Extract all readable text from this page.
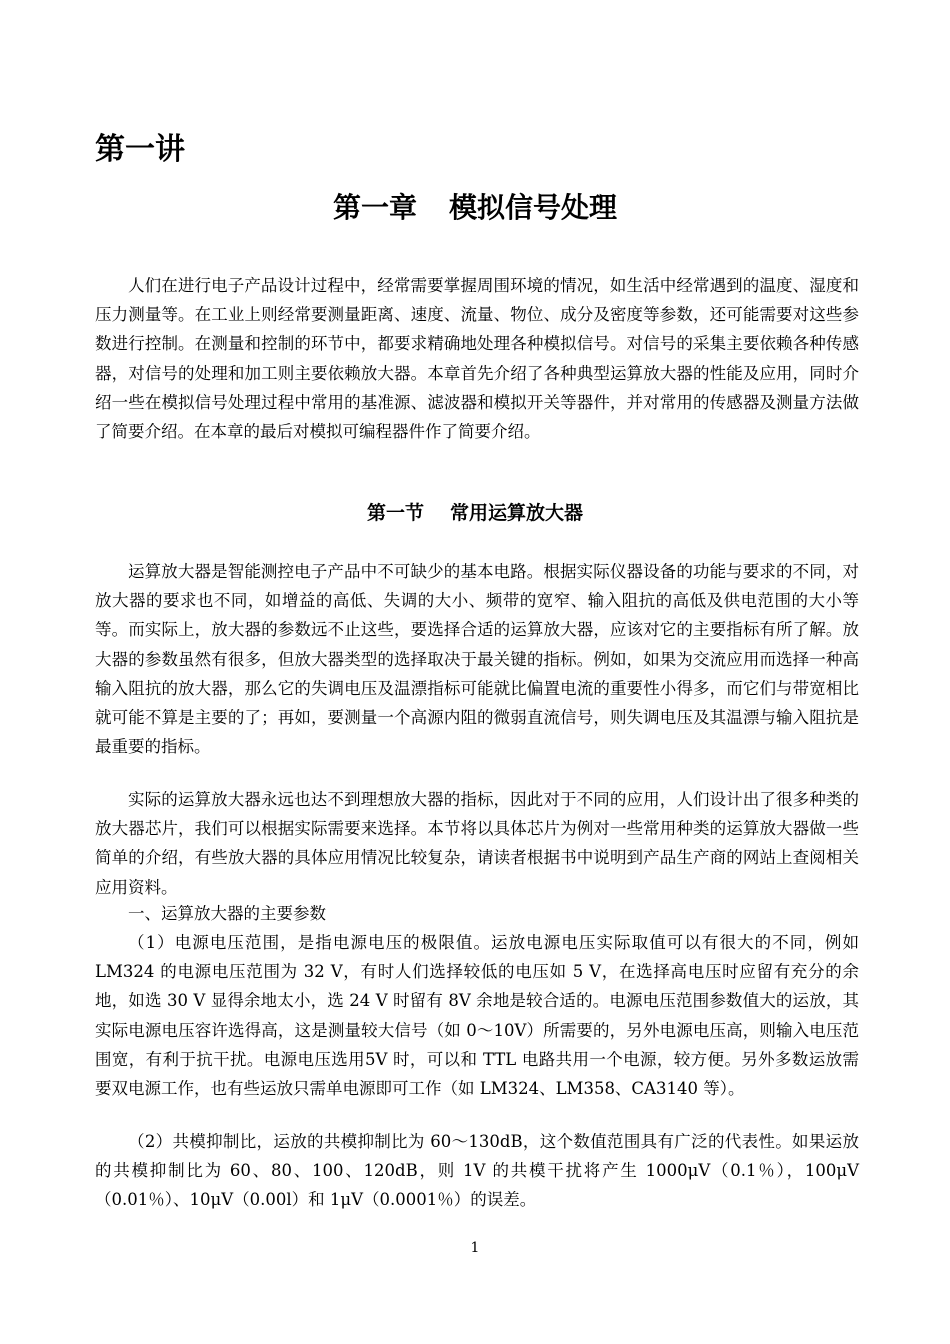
第一讲
第一章 模拟信号处理

人们在进行电子产品设计过程中，经常需要掌握周围环境的情况，如生活中经常遇到的温度、湿度和压力测量等。在工业上则经常要测量距离、速度、流量、物位、成分及密度等参数，还可能需要对这些参数进行控制。在测量和控制的环节中，都要求精确地处理各种模拟信号。对信号的采集主要依赖各种传感器，对信号的处理和加工则主要依赖放大器。本章首先介绍了各种典型运算放大器的性能及应用，同时介绍一些在模拟信号处理过程中常用的基准源、滤波器和模拟开关等器件，并对常用的传感器及测量方法做了简要介绍。在本章的最后对模拟可编程器件作了简要介绍。

第一节 常用运算放大器

运算放大器是智能测控电子产品中不可缺少的基本电路。根据实际仪器设备的功能与要求的不同，对放大器的要求也不同，如增益的高低、失调的大小、频带的宽窄、输入阻抗的高低及供电范围的大小等等。而实际上，放大器的参数远不止这些，要选择合适的运算放大器，应该对它的主要指标有所了解。放大器的参数虽然有很多，但放大器类型的选择取决于最关键的指标。例如，如果为交流应用而选择一种高输入阻抗的放大器，那么它的失调电压及温漂指标可能就比偏置电流的重要性小得多，而它们与带宽相比就可能不算是主要的了；再如，要测量一个高源内阻的微弱直流信号，则失调电压及其温漂与输入阻抗是最重要的指标。

实际的运算放大器永远也达不到理想放大器的指标，因此对于不同的应用，人们设计出了很多种类的放大器芯片，我们可以根据实际需要来选择。本节将以具体芯片为例对一些常用种类的运算放大器做一些简单的介绍，有些放大器的具体应用情况比较复杂，请读者根据书中说明到产品生产商的网站上查阅相关应用资料。

一、运算放大器的主要参数

（1）电源电压范围，是指电源电压的极限值。运放电源电压实际取值可以有很大的不同，例如 LM324 的电源电压范围为 32 V，有时人们选择较低的电压如 5 V，在选择高电压时应留有充分的余地，如选 30 V 显得余地太小，选 24 V 时留有 8V 余地是较合适的。电源电压范围参数值大的运放，其实际电源电压容许选得高，这是测量较大信号（如 0～10V）所需要的，另外电源电压高，则输入电压范围宽，有利于抗干扰。电源电压选用5V 时，可以和 TTL 电路共用一个电源，较方便。另外多数运放需要双电源工作，也有些运放只需单电源即可工作（如 LM324、LM358、CA3140 等）。

（2）共模抑制比，运放的共模抑制比为 60～130dB，这个数值范围具有广泛的代表性。如果运放的共模抑制比为 60、80、100、120dB，则 1V 的共模干扰将产生 1000μV（0.1％），100μV（0.01％）、10μV（0.00l）和 1μV（0.0001％）的误差。

1
